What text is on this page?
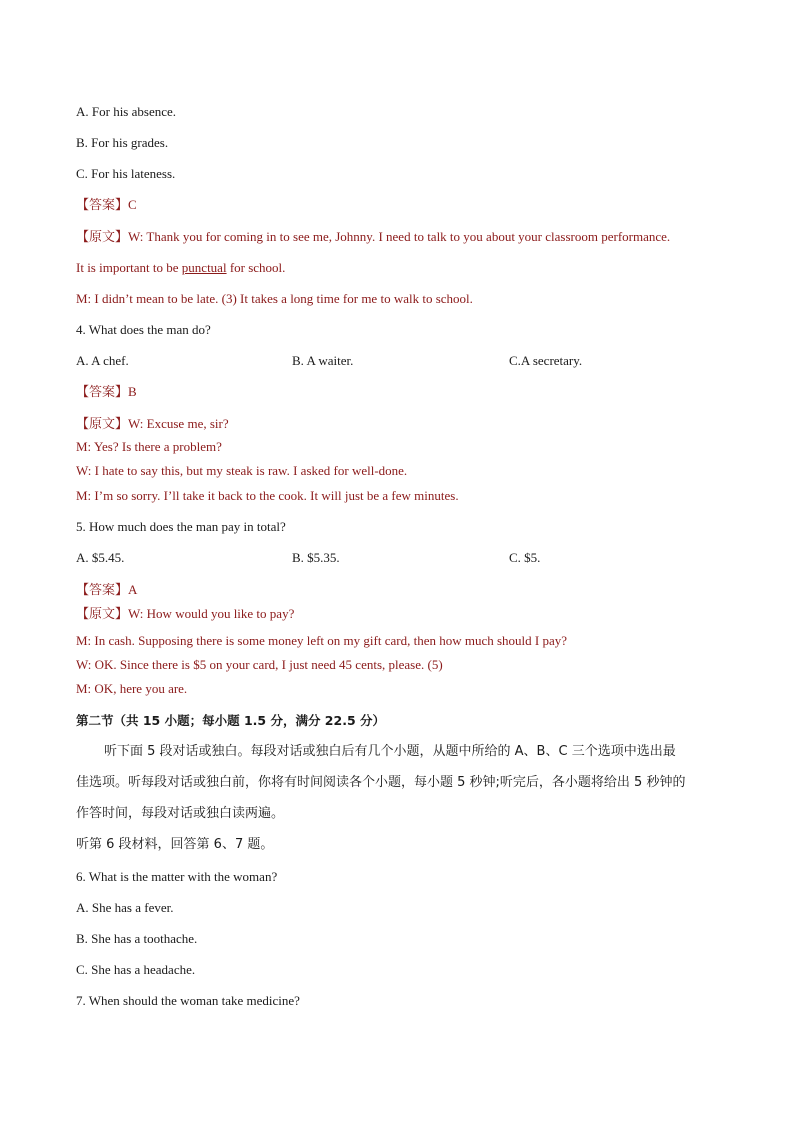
A. For his absence.
B. For his grades.
C. For his lateness.
【答案】C
【原文】W: Thank you for coming in to see me, Johnny. I need to talk to you about your classroom performance.
It is important to be punctual for school.
M: I didn’t mean to be late. (3) It takes a long time for me to walk to school.
4. What does the man do?
A. A chef.	B. A waiter.	C.A secretary.
【答案】B
【原文】W: Excuse me, sir?
M: Yes? Is there a problem?
W: I hate to say this, but my steak is raw. I asked for well-done.
M: I’m so sorry. I’ll take it back to the cook. It will just be a few minutes.
5. How much does the man pay in total?
A. $5.45.	B. $5.35.	C. $5.
【答案】A
【原文】W: How would you like to pay?
M: In cash. Supposing there is some money left on my gift card, then how much should I pay?
W: OK. Since there is $5 on your card, I just need 45 cents, please. (5)
M: OK, here you are.
第二节（共 15 小题；每小题 1.5 分，满分 22.5 分）
听下面 5 段对话或独白。每段对话或独白后有几个小题，从题中所给的 A、B、C 三个选项中选出最
佳选项。听每段对话或独白前，你将有时间阅读各个小题，每小题 5 秒钟;听完后，各小题将给出 5 秒钟的
作答时间，每段对话或独白读两遍。
听第 6 段材料，回答第 6、7 题。
6. What is the matter with the woman?
A. She has a fever.
B. She has a toothache.
C. She has a headache.
7. When should the woman take medicine?
